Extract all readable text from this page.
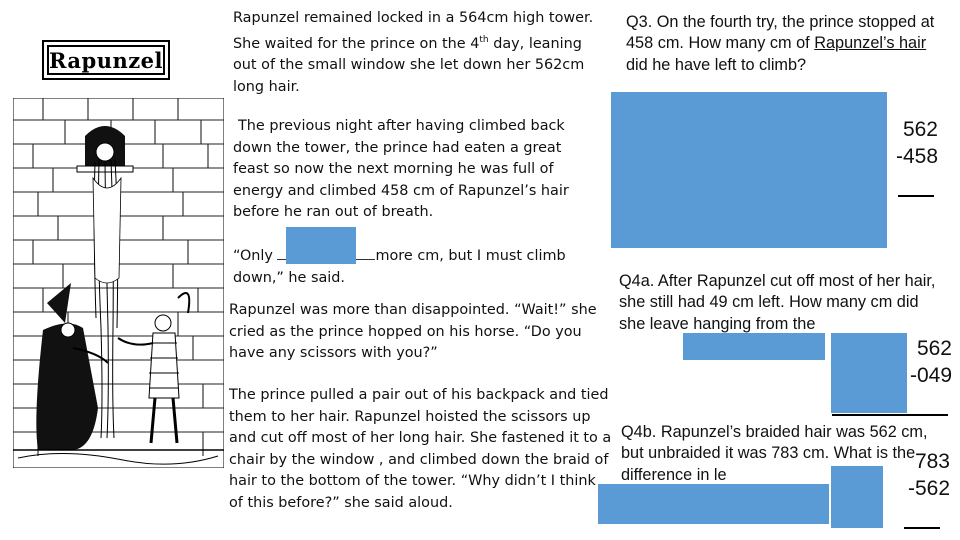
Rapunzel

Rapunzel remained locked in a 564cm high tower.

She waited for the prince on the 4th day, leaning

out of the small window she let down her 562cm

long hair.

The previous night after having climbed back down the tower, the prince had eaten a great feast so now the next morning he was full of energy and climbed 458 cm of Rapunzel’s hair before he ran out of breath.

“Only	more cm, but I must climb

down,” he said.

Rapunzel was more than disappointed. “Wait!” she cried as the prince hopped on his horse. “Do you have any scissors with you?”

The prince pulled a pair out of his backpack and tied them to her hair. Rapunzel hoisted the scissors up and cut off most of her long hair. She fastened it to a chair by the window , and climbed down the braid of hair to the bottom of the tower. “Why didn’t I think of this before?” she said aloud.

Q3. On the fourth try, the prince stopped at 458 cm. How many cm of Rapunzel’s hair did he have left to climb?

562
-458

Q4a. After Rapunzel cut off most of her hair, she still had 49 cm left. How many cm did she leave hanging from the

562
-049

Q4b. Rapunzel’s braided hair was 562 cm, but unbraided it was 783 cm. What is the difference in le

783
-562
